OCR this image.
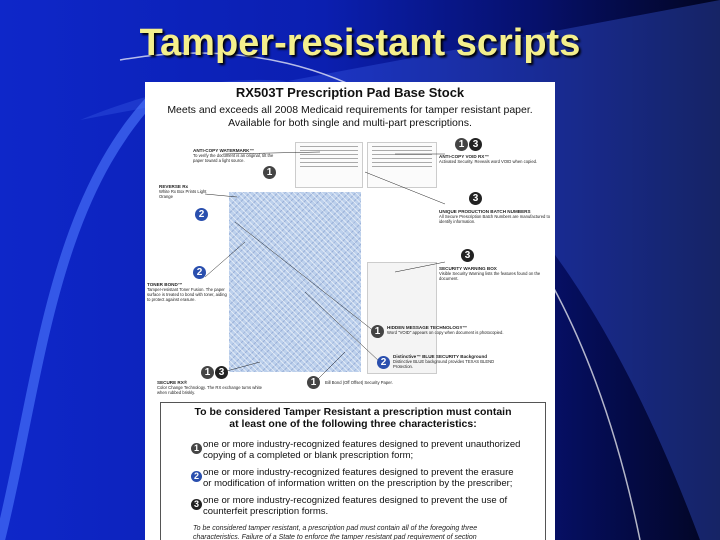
Tamper-resistant scripts
RX503T Prescription Pad Base Stock
Meets and exceeds all 2008 Medicaid requirements for tamper resistant paper.
Available for both single and multi-part prescriptions.
ANTI-COPY WATERMARK™
To verify the document is an original, tilt the paper toward a light source.
1
REVERSE Rx
White Rx Box Prints Light Orange
2
2
TONER BOND™
Tamper-resistant Toner Fusion. The paper surface is treated to bond with toner, aiding to protect against erasure.
1 3
SECURE RX®
Color Change Technology. The RX exchange turns white when rubbed briskly.
1 3
ANTI-COPY VOID RX™
Activated Security. Reveals word VOID when copied.
3
UNIQUE PRODUCTION BATCH NUMBERS
All Secure Prescription Batch Numbers are manufactured to identify information.
3
SECURITY WARNING BOX
Visible Security Warning lists the features found on the document.
1	HIDDEN MESSAGE TECHNOLOGY™
Word "VOID" appears on copy when document is photocopied.
2
Distinctive™ BLUE SECURITY Background
Distinctive BLUE background provides TEXAS BLEND Protection.
1	Bill Bond (Off Offset) Security Paper.
To be considered Tamper Resistant a prescription must contain
at least one of the following three characteristics:
1 one or more industry-recognized features designed to prevent unauthorized
copying of a completed or blank prescription form;
2 one or more industry-recognized features designed to prevent the erasure
or modification of information written on the prescription by the prescriber;
3 one or more industry-recognized features designed to prevent the use of
counterfeit prescription forms.
To be considered tamper resistant, a prescription pad must contain all of the foregoing three
characteristics. Failure of a State to enforce the tamper resistant pad requirement of section
